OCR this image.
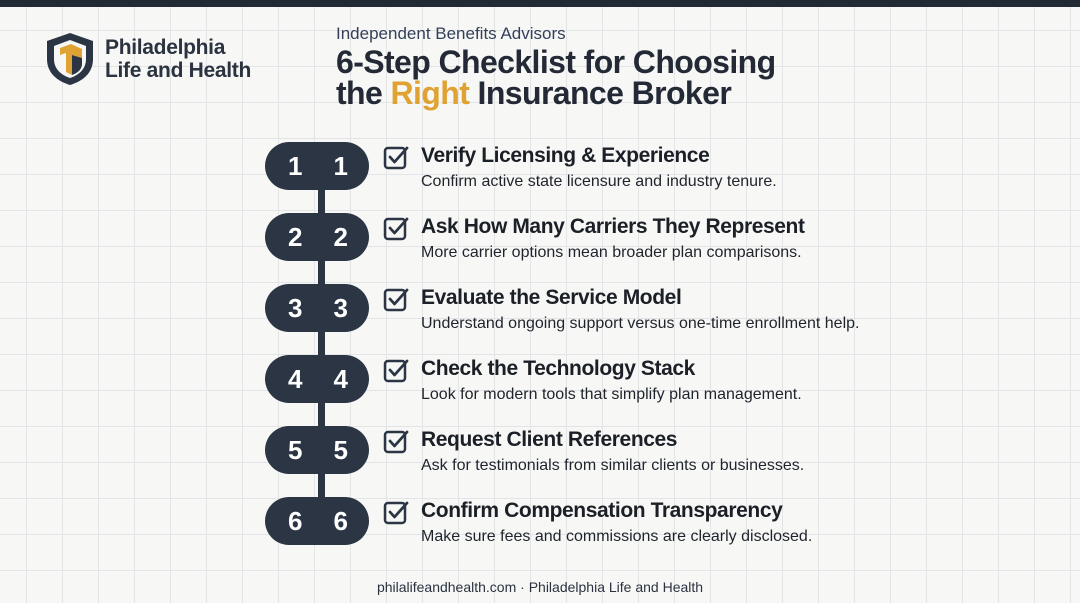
Philadelphia
Life and Health
Independent Benefits Advisors
6-Step Checklist for Choosing
the Right Insurance Broker
1 1	Verify Licensing & Experience
Confirm active state licensure and industry tenure.
2 2	Ask How Many Carriers They Represent
More carrier options mean broader plan comparisons.
3 3	Evaluate the Service Model
Understand ongoing support versus one-time enrollment help.
4 4	Check the Technology Stack
Look for modern tools that simplify plan management.
5 5	Request Client References
Ask for testimonials from similar clients or businesses.
6 6	Confirm Compensation Transparency
Make sure fees and commissions are clearly disclosed.
philalifeandhealth.com · Philadelphia Life and Health
